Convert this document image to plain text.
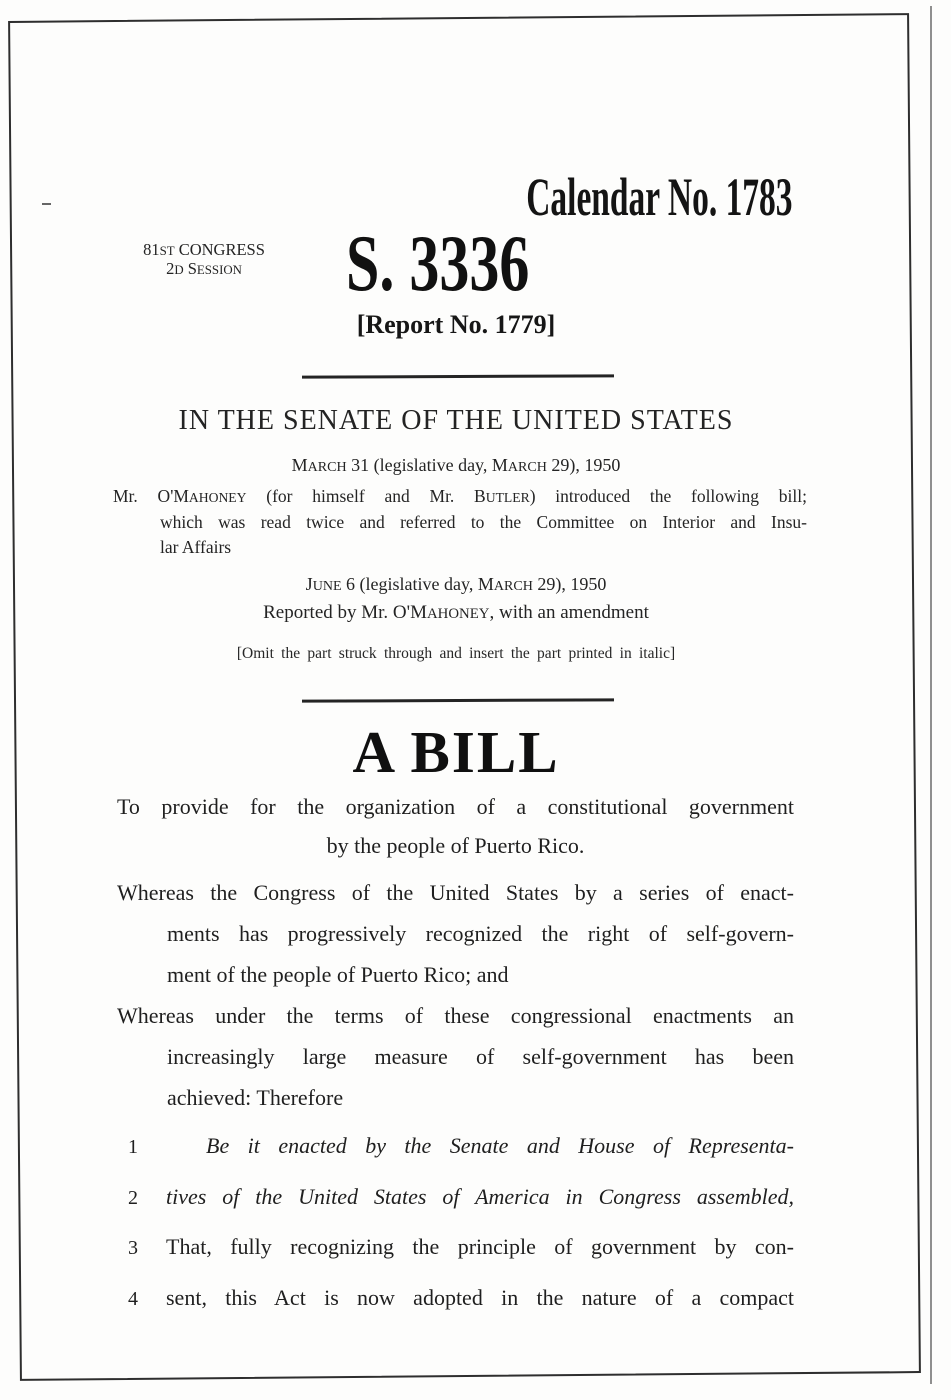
Calendar No. 1783
81ST CONGRESS
2D SESSION	S. 3336
[Report No. 1779]
IN THE SENATE OF THE UNITED STATES
MARCH 31 (legislative day, MARCH 29), 1950
Mr. O'MAHONEY (for himself and Mr. BUTLER) introduced the following bill;
which was read twice and referred to the Committee on Interior and Insu-
lar Affairs
JUNE 6 (legislative day, MARCH 29), 1950
Reported by Mr. O'MAHONEY, with an amendment
[Omit the part struck through and insert the part printed in italic]
A BILL
To provide for the organization of a constitutional government
by the people of Puerto Rico.
Whereas the Congress of the United States by a series of enact-
ments has progressively recognized the right of self-govern-
ment of the people of Puerto Rico; and
Whereas under the terms of these congressional enactments an
increasingly large measure of self-government has been
achieved: Therefore
1	Be it enacted by the Senate and House of Representa-
2 tives of the United States of America in Congress assembled,
3 That, fully recognizing the principle of government by con-
4 sent, this Act is now adopted in the nature of a compact
